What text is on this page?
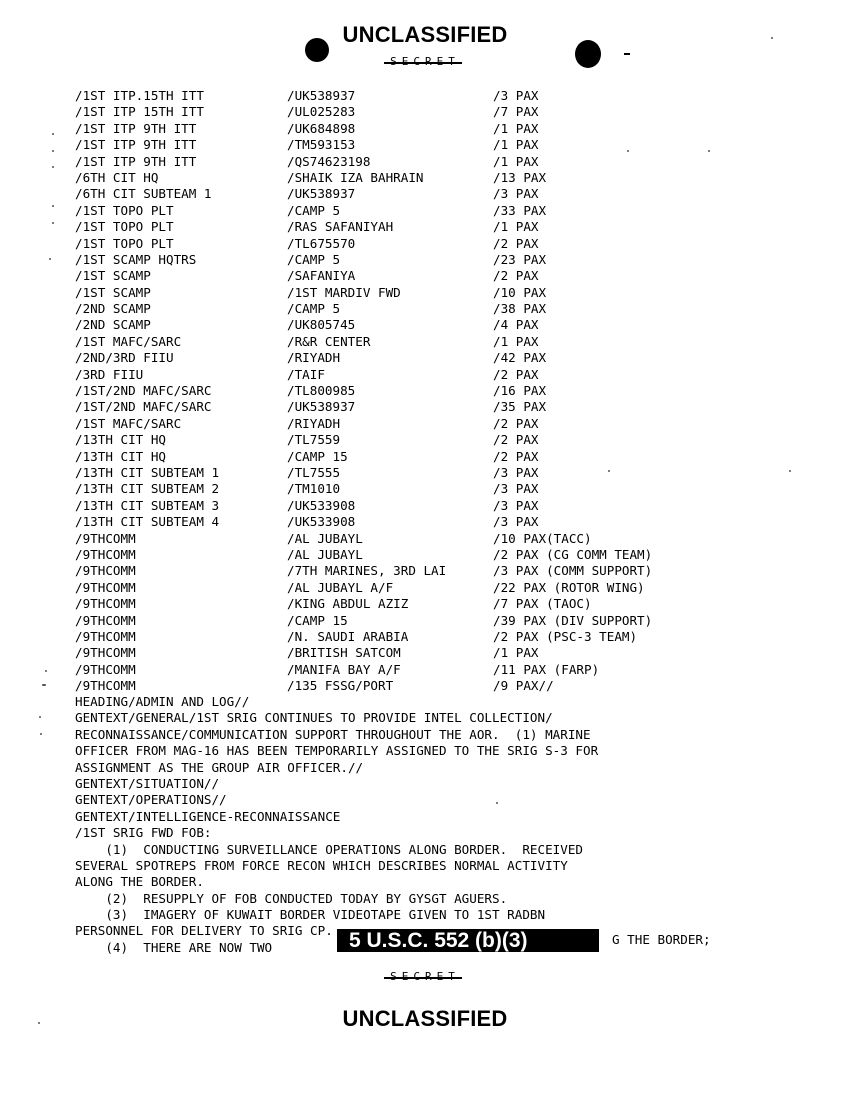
UNCLASSIFIED
SECRET
/1ST ITP.15TH ITT	/UK538937	/3 PAX
/1ST ITP 15TH ITT	/UL025283	/7 PAX
/1ST ITP 9TH ITT	/UK684898	/1 PAX
/1ST ITP 9TH ITT	/TM593153	/1 PAX
/1ST ITP 9TH ITT	/QS74623198	/1 PAX
/6TH CIT HQ	/SHAIK IZA BAHRAIN	/13 PAX
/6TH CIT SUBTEAM 1	/UK538937	/3 PAX
/1ST TOPO PLT	/CAMP 5	/33 PAX
/1ST TOPO PLT	/RAS SAFANIYAH	/1 PAX
/1ST TOPO PLT	/TL675570	/2 PAX
/1ST SCAMP HQTRS	/CAMP 5	/23 PAX
/1ST SCAMP	/SAFANIYA	/2 PAX
/1ST SCAMP	/1ST MARDIV FWD	/10 PAX
/2ND SCAMP	/CAMP 5	/38 PAX
/2ND SCAMP	/UK805745	/4 PAX
/1ST MAFC/SARC	/R&R CENTER	/1 PAX
/2ND/3RD FIIU	/RIYADH	/42 PAX
/3RD FIIU	/TAIF	/2 PAX
/1ST/2ND MAFC/SARC	/TL800985	/16 PAX
/1ST/2ND MAFC/SARC	/UK538937	/35 PAX
/1ST MAFC/SARC	/RIYADH	/2 PAX
/13TH CIT HQ	/TL7559	/2 PAX
/13TH CIT HQ	/CAMP 15	/2 PAX
/13TH CIT SUBTEAM 1	/TL7555	/3 PAX
/13TH CIT SUBTEAM 2	/TM1010	/3 PAX
/13TH CIT SUBTEAM 3	/UK533908	/3 PAX
/13TH CIT SUBTEAM 4	/UK533908	/3 PAX
/9THCOMM	/AL JUBAYL	/10 PAX(TACC)
/9THCOMM	/AL JUBAYL	/2 PAX (CG COMM TEAM)
/9THCOMM	/7TH MARINES, 3RD LAI	/3 PAX (COMM SUPPORT)
/9THCOMM	/AL JUBAYL A/F	/22 PAX (ROTOR WING)
/9THCOMM	/KING ABDUL AZIZ	/7 PAX (TAOC)
/9THCOMM	/CAMP 15	/39 PAX (DIV SUPPORT)
/9THCOMM	/N. SAUDI ARABIA	/2 PAX (PSC-3 TEAM)
/9THCOMM	/BRITISH SATCOM	/1 PAX
/9THCOMM	/MANIFA BAY A/F	/11 PAX (FARP)
/9THCOMM	/135 FSSG/PORT	/9 PAX//
HEADING/ADMIN AND LOG//
GENTEXT/GENERAL/1ST SRIG CONTINUES TO PROVIDE INTEL COLLECTION/
RECONNAISSANCE/COMMUNICATION SUPPORT THROUGHOUT THE AOR.  (1) MARINE
OFFICER FROM MAG-16 HAS BEEN TEMPORARILY ASSIGNED TO THE SRIG S-3 FOR
ASSIGNMENT AS THE GROUP AIR OFFICER.//
GENTEXT/SITUATION//
GENTEXT/OPERATIONS//
GENTEXT/INTELLIGENCE-RECONNAISSANCE
/1ST SRIG FWD FOB:
(1)  CONDUCTING SURVEILLANCE OPERATIONS ALONG BORDER.  RECEIVED
SEVERAL SPOTREPS FROM FORCE RECON WHICH DESCRIBES NORMAL ACTIVITY
ALONG THE BORDER.
(2)  RESUPPLY OF FOB CONDUCTED TODAY BY GYSGT AGUERS.
(3)  IMAGERY OF KUWAIT BORDER VIDEOTAPE GIVEN TO 1ST RADBN
PERSONNEL FOR DELIVERY TO SRIG CP.
(4)  THERE ARE NOW TWO	5 U.S.C. 552 (b)(3)	G THE BORDER;
SECRET
UNCLASSIFIED
